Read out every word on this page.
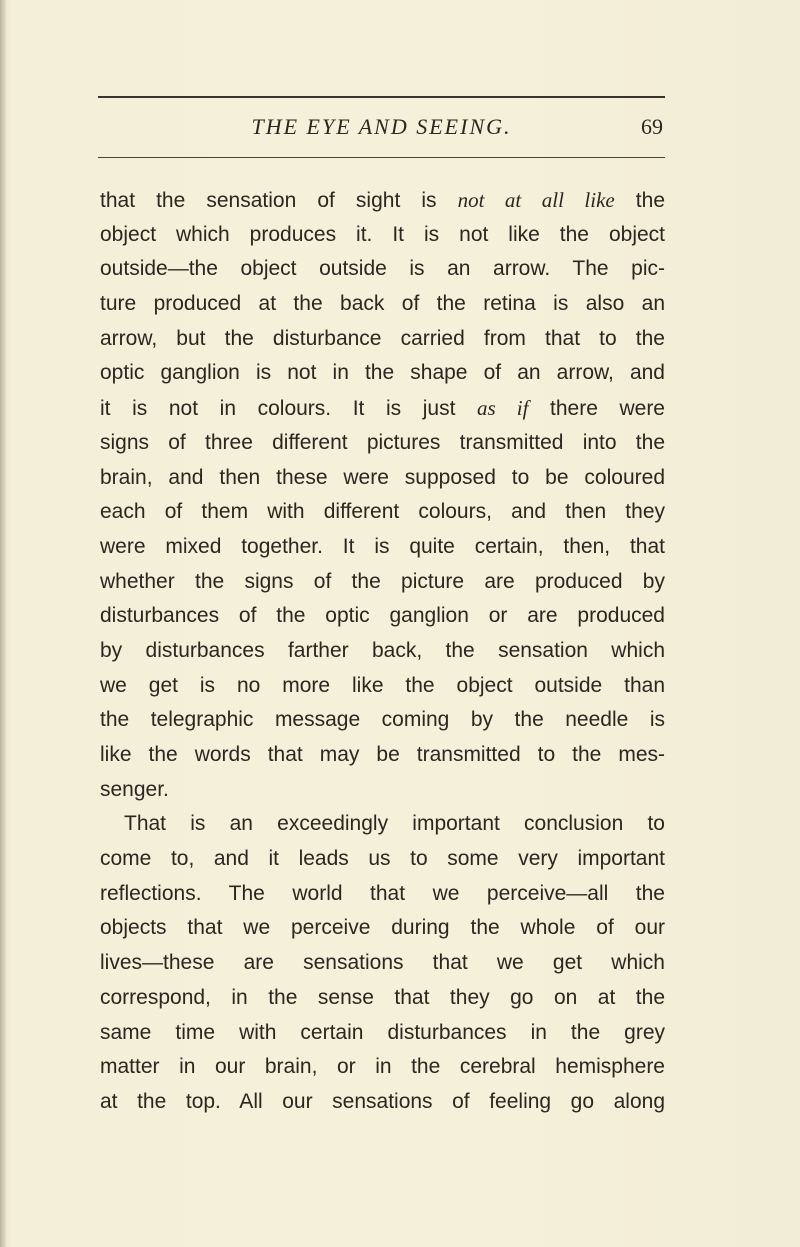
THE EYE AND SEEING.	69
that the sensation of sight is not at all like the
object which produces it. It is not like the object
outside—the object outside is an arrow. The pic-
ture produced at the back of the retina is also an
arrow, but the disturbance carried from that to the
optic ganglion is not in the shape of an arrow, and
it is not in colours. It is just as if there were
signs of three different pictures transmitted into the
brain, and then these were supposed to be coloured
each of them with different colours, and then they
were mixed together. It is quite certain, then, that
whether the signs of the picture are produced by
disturbances of the optic ganglion or are produced
by disturbances farther back, the sensation which
we get is no more like the object outside than
the telegraphic message coming by the needle is
like the words that may be transmitted to the mes-
senger.
That is an exceedingly important conclusion to
come to, and it leads us to some very important
reflections. The world that we perceive—all the
objects that we perceive during the whole of our
lives—these are sensations that we get which
correspond, in the sense that they go on at the
same time with certain disturbances in the grey
matter in our brain, or in the cerebral hemisphere
at the top. All our sensations of feeling go along
